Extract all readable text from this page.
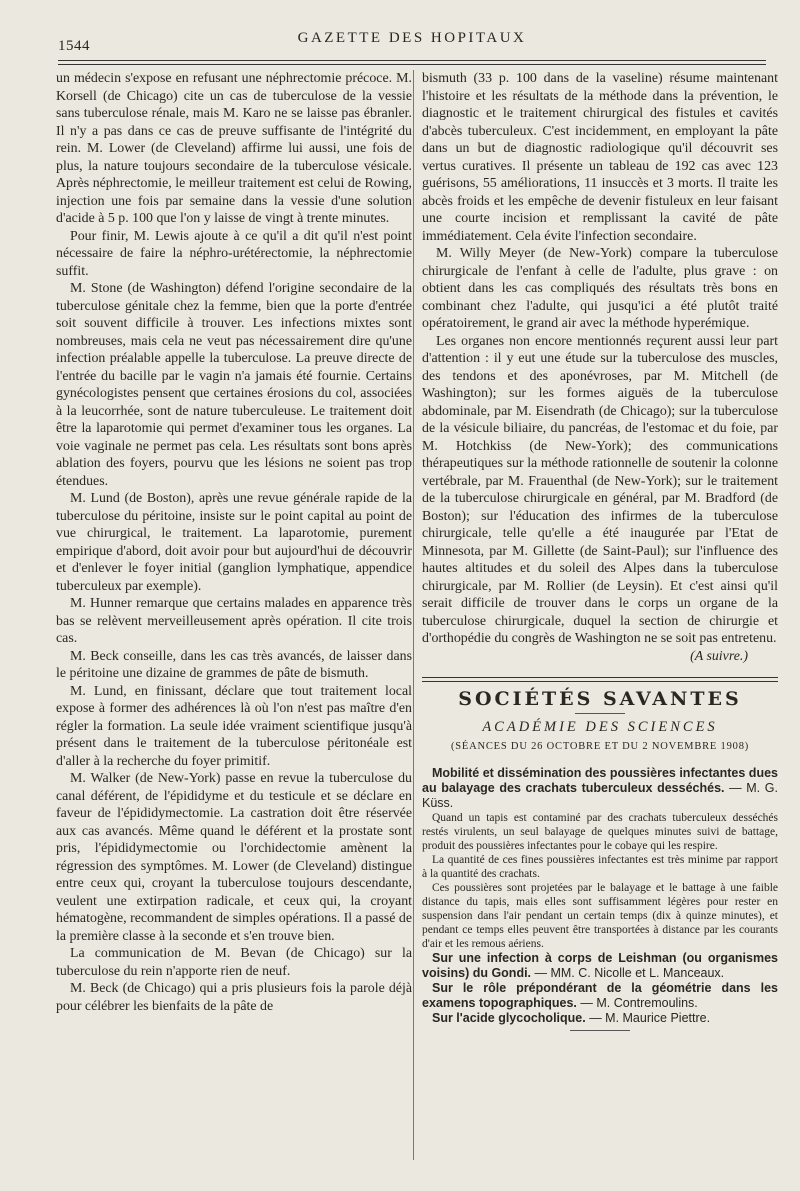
1544	GAZETTE DES HOPITAUX

un médecin s'expose en refusant une néphrectomie précoce. M. Korsell (de Chicago) cite un cas de tuberculose de la vessie sans tuberculose rénale, mais M. Karo ne se laisse pas ébranler. Il n'y a pas dans ce cas de preuve suffisante de l'intégrité du rein. M. Lower (de Cleveland) affirme lui aussi, une fois de plus, la nature toujours secondaire de la tuberculose vésicale. Après néphrectomie, le meilleur traitement est celui de Rowing, injection une fois par semaine dans la vessie d'une solution d'acide à 5 p. 100 que l'on y laisse de vingt à trente minutes.

Pour finir, M. Lewis ajoute à ce qu'il a dit qu'il n'est point nécessaire de faire la néphro-urétérectomie, la néphrectomie suffit.

M. Stone (de Washington) défend l'origine secondaire de la tuberculose génitale chez la femme, bien que la porte d'entrée soit souvent difficile à trouver. Les infections mixtes sont nombreuses, mais cela ne veut pas nécessairement dire qu'une infection préalable appelle la tuberculose. La preuve directe de l'entrée du bacille par le vagin n'a jamais été fournie. Certains gynécologistes pensent que certaines érosions du col, associées à la leucorrhée, sont de nature tuberculeuse. Le traitement doit être la laparotomie qui permet d'examiner tous les organes. La voie vaginale ne permet pas cela. Les résultats sont bons après ablation des foyers, pourvu que les lésions ne soient pas trop étendues.

M. Lund (de Boston), après une revue générale rapide de la tuberculose du péritoine, insiste sur le point capital au point de vue chirurgical, le traitement. La laparotomie, purement empirique d'abord, doit avoir pour but aujourd'hui de découvrir et d'enlever le foyer initial (ganglion lymphatique, appendice tuberculeux par exemple).

M. Hunner remarque que certains malades en apparence très bas se relèvent merveilleusement après opération. Il cite trois cas.

M. Beck conseille, dans les cas très avancés, de laisser dans le péritoine une dizaine de grammes de pâte de bismuth.

M. Lund, en finissant, déclare que tout traitement local expose à former des adhérences là où l'on n'est pas maître d'en régler la formation. La seule idée vraiment scientifique jusqu'à présent dans le traitement de la tuberculose péritonéale est d'aller à la recherche du foyer primitif.

M. Walker (de New-York) passe en revue la tuberculose du canal déférent, de l'épididyme et du testicule et se déclare en faveur de l'épididymectomie. La castration doit être réservée aux cas avancés. Même quand le déférent et la prostate sont pris, l'épididymectomie ou l'orchidectomie amènent la régression des symptômes. M. Lower (de Cleveland) distingue entre ceux qui, croyant la tuberculose toujours descendante, veulent une extirpation radicale, et ceux qui, la croyant hématogène, recommandent de simples opérations. Il a passé de la première classe à la seconde et s'en trouve bien.

La communication de M. Bevan (de Chicago) sur la tuberculose du rein n'apporte rien de neuf.

M. Beck (de Chicago) qui a pris plusieurs fois la parole déjà pour célébrer les bienfaits de la pâte de

bismuth (33 p. 100 dans de la vaseline) résume maintenant l'histoire et les résultats de la méthode dans la prévention, le diagnostic et le traitement chirurgical des fistules et cavités d'abcès tuberculeux. C'est incidemment, en employant la pâte dans un but de diagnostic radiologique qu'il découvrit ses vertus curatives. Il présente un tableau de 192 cas avec 123 guérisons, 55 améliorations, 11 insuccès et 3 morts. Il traite les abcès froids et les empêche de devenir fistuleux en leur faisant une courte incision et remplissant la cavité de pâte immédiatement. Cela évite l'infection secondaire.

M. Willy Meyer (de New-York) compare la tuberculose chirurgicale de l'enfant à celle de l'adulte, plus grave : on obtient dans les cas compliqués des résultats très bons en combinant chez l'adulte, qui jusqu'ici a été plutôt traité opératoirement, le grand air avec la méthode hyperémique.

Les organes non encore mentionnés reçurent aussi leur part d'attention : il y eut une étude sur la tuberculose des muscles, des tendons et des aponévroses, par M. Mitchell (de Washington); sur les formes aiguës de la tuberculose abdominale, par M. Eisendrath (de Chicago); sur la tuberculose de la vésicule biliaire, du pancréas, de l'estomac et du foie, par M. Hotchkiss (de New-York); des communications thérapeutiques sur la méthode rationnelle de soutenir la colonne vertébrale, par M. Frauenthal (de New-York); sur le traitement de la tuberculose chirurgicale en général, par M. Bradford (de Boston); sur l'éducation des infirmes de la tuberculose chirurgicale, telle qu'elle a été inaugurée par l'Etat de Minnesota, par M. Gillette (de Saint-Paul); sur l'influence des hautes altitudes et du soleil des Alpes dans la tuberculose chirurgicale, par M. Rollier (de Leysin). Et c'est ainsi qu'il serait difficile de trouver dans le corps un organe de la tuberculose chirurgicale, duquel la section de chirurgie et d'orthopédie du congrès de Washington ne se soit pas entretenu.

(A suivre.)

SOCIÉTÉS SAVANTES
ACADÉMIE DES SCIENCES
(SÉANCES DU 26 OCTOBRE ET DU 2 NOVEMBRE 1908)

Mobilité et dissémination des poussières infectantes dues au balayage des crachats tuberculeux desséchés. — M. G. Küss.

Quand un tapis est contaminé par des crachats tuberculeux desséchés restés virulents, un seul balayage de quelques minutes suivi de battage, produit des poussières infectantes pour le cobaye qui les respire.

La quantité de ces fines poussières infectantes est très minime par rapport à la quantité des crachats.

Ces poussières sont projetées par le balayage et le battage à une faible distance du tapis, mais elles sont suffisamment légères pour rester en suspension dans l'air pendant un certain temps (dix à quinze minutes), et pendant ce temps elles peuvent être transportées à distance par les courants d'air et les remous aériens.

Sur une infection à corps de Leishman (ou organismes voisins) du Gondi. — MM. C. Nicolle et L. Manceaux.

Sur le rôle prépondérant de la géométrie dans les examens topographiques. — M. Contremoulins.

Sur l'acide glycocholique. — M. Maurice Piettre.
